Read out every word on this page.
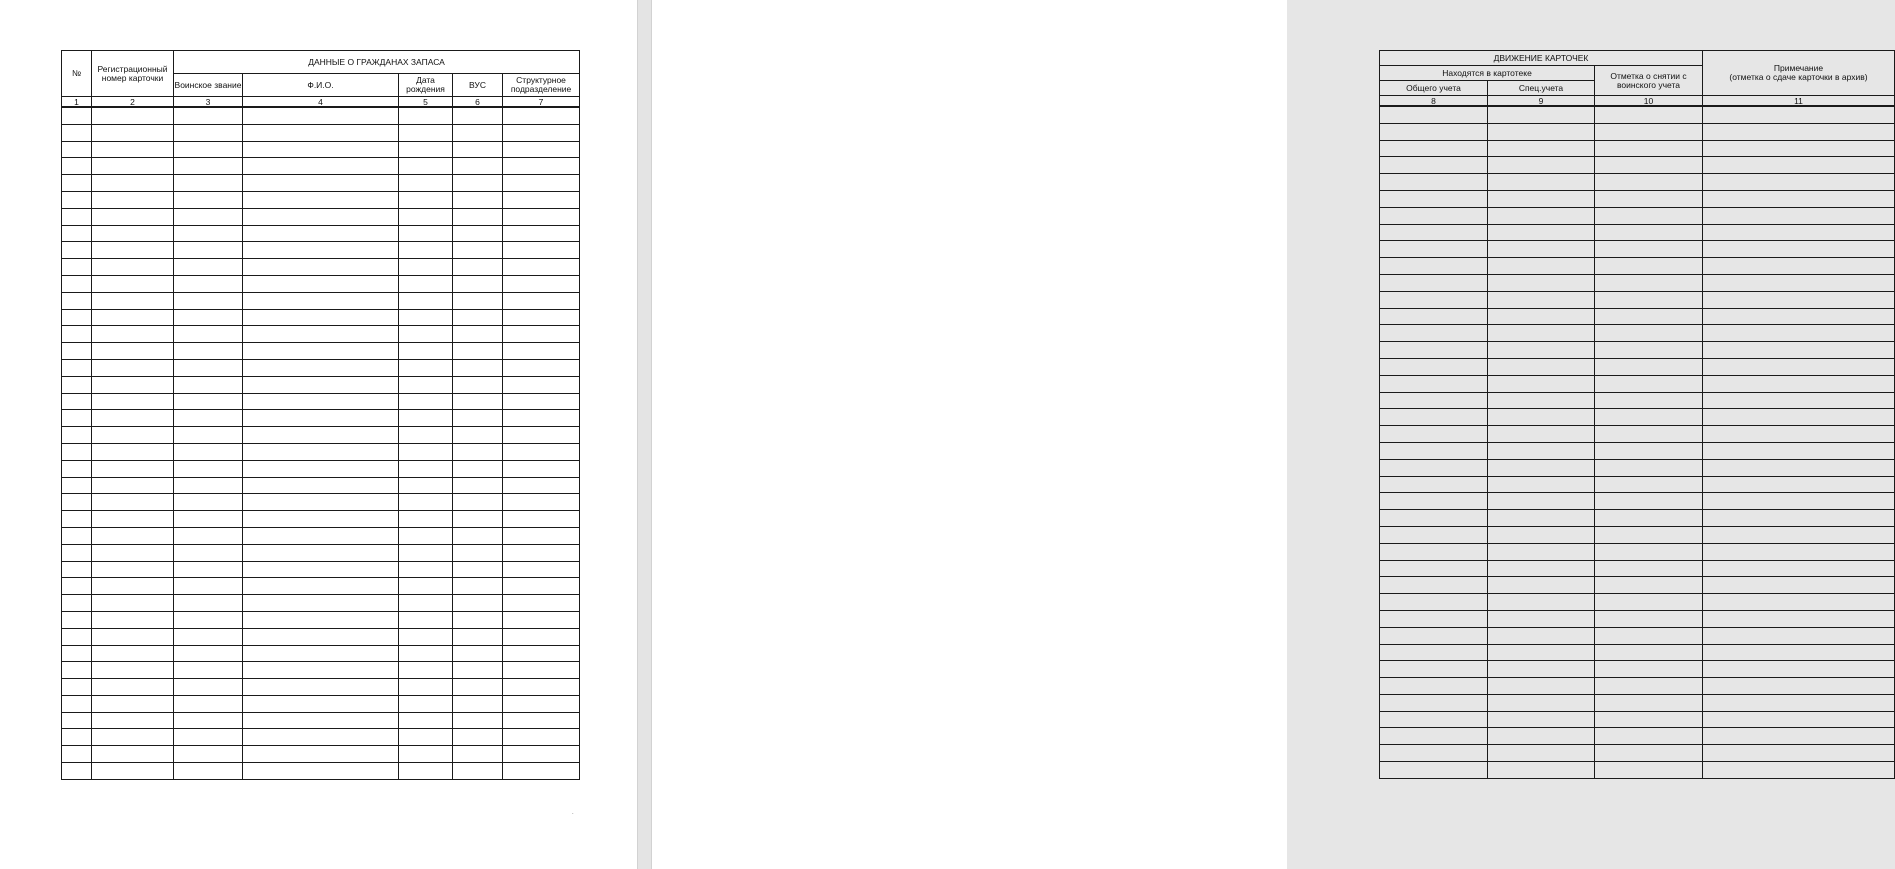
№	Регистрационный номер карточки	ДАННЫЕ О ГРАЖДАНАХ ЗАПАСА				
		Воинское звание	Ф.И.О.	Дата рождения	ВУС	Структурное подразделение
1	2	3	4	5	6	7

.
ДВИЖЕНИЕ КАРТОЧЕК			Примечание
(отметка о сдаче карточки в архив)

Находятся в картотеке		Отметка о снятии с воинского учета	
Общего учета	Спец.учета		
8	9	10	11
